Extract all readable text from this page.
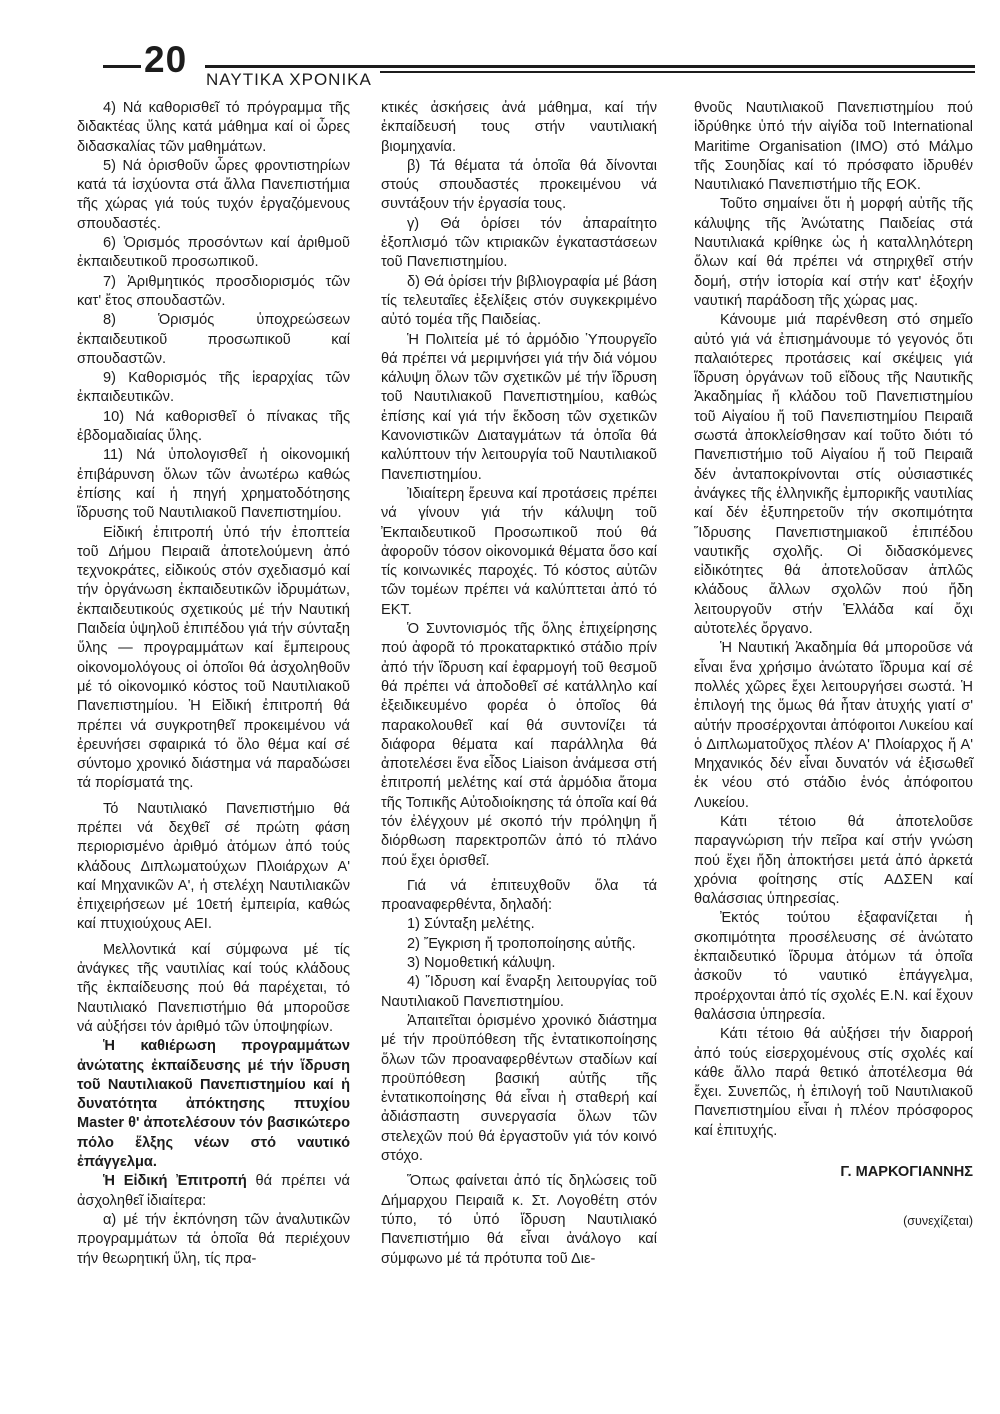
20 ΝΑΥΤΙΚΑ ΧΡΟΝΙΚΑ

4) Νά καθορισθεῖ τό πρόγραμμα τῆς διδακτέας ὕλης κατά μάθημα καί οἱ ὧρες διδασκαλίας τῶν μαθημάτων.

5) Νά ὁρισθοῦν ὧρες φροντιστηρίων κατά τά ἰσχύοντα στά ἄλλα Πανεπιστήμια τῆς χώρας γιά τούς τυχόν ἐργαζόμενους σπουδαστές.

6) Ὁρισμός προσόντων καί ἀριθμοῦ ἐκπαιδευτικοῦ προσωπικοῦ.

7) Ἀριθμητικός προσδιορισμός τῶν κατ' ἔτος σπουδαστῶν.

8) Ὁρισμός ὑποχρεώσεων ἐκπαιδευτικοῦ προσωπικοῦ καί σπουδαστῶν.

9) Καθορισμός τῆς ἱεραρχίας τῶν ἐκπαιδευτικῶν.

10) Νά καθορισθεῖ ὁ πίνακας τῆς ἑβδομαδιαίας ὕλης.

11) Νά ὑπολογισθεῖ ἡ οἰκονομική ἐπιβάρυνση ὅλων τῶν ἀνωτέρω καθώς ἐπίσης καί ἡ πηγή χρηματοδότησης ἵδρυσης τοῦ Ναυτιλιακοῦ Πανεπιστημίου.

Εἰδική ἐπιτροπή ὑπό τήν ἐποπτεία τοῦ Δήμου Πειραιᾶ ἀποτελούμενη ἀπό τεχνοκράτες, εἰδικούς στόν σχεδιασμό καί τήν ὀργάνωση ἐκπαιδευτικῶν ἱδρυμάτων, ἐκπαιδευτικούς σχετικούς μέ τήν Ναυτική Παιδεία ὑψηλοῦ ἐπιπέδου γιά τήν σύνταξη ὕλης — προγραμμάτων καί ἔμπειρους οἰκονομολόγους οἱ ὁποῖοι θά ἀσχοληθοῦν μέ τό οἰκονομικό κόστος τοῦ Ναυτιλιακοῦ Πανεπιστημίου. Ἡ Εἰδική ἐπιτροπή θά πρέπει νά συγκροτηθεῖ προκειμένου νά ἐρευνήσει σφαιρικά τό ὅλο θέμα καί σέ σύντομο χρονικό διάστημα νά παραδώσει τά πορίσματά της.

Τό Ναυτιλιακό Πανεπιστήμιο θά πρέπει νά δεχθεῖ σέ πρώτη φάση περιορισμένο ἀριθμό ἀτόμων ἀπό τούς κλάδους Διπλωματούχων Πλοιάρχων Α' καί Μηχανικῶν Α', ἡ στελέχη Ναυτιλιακῶν ἐπιχειρήσεων μέ 10ετή ἐμπειρία, καθώς καί πτυχιούχους ΑΕΙ.

Μελλοντικά καί σύμφωνα μέ τίς ἀνάγκες τῆς ναυτιλίας καί τούς κλάδους τῆς ἐκπαίδευσης πού θά παρέχεται, τό Ναυτιλιακό Πανεπιστήμιο θά μποροῦσε νά αὐξήσει τόν ἀριθμό τῶν ὑποψηφίων.

Ἡ καθιέρωση προγραμμάτων ἀνώτατης ἐκπαίδευσης μέ τήν ἵδρυση τοῦ Ναυτιλιακοῦ Πανεπιστημίου καί ἡ δυνατότητα ἀπόκτησης πτυχίου Master θ' ἀποτελέσουν τόν βασικώτερο πόλο ἕλξης νέων στό ναυτικό ἐπάγγελμα.

Ἡ Εἰδική Ἐπιτροπή θά πρέπει νά ἀσχοληθεῖ ἰδιαίτερα:

α) μέ τήν ἐκπόνηση τῶν ἀναλυτικῶν προγραμμάτων τά ὁποῖα θά περιέχουν τήν θεωρητική ὕλη, τίς πρα-

κτικές ἀσκήσεις ἀνά μάθημα, καί τήν ἐκπαίδευσή τους στήν ναυτιλιακή βιομηχανία.

β) Τά θέματα τά ὁποῖα θά δίνονται στούς σπουδαστές προκειμένου νά συντάξουν τήν ἐργασία τους.

γ) Θά ὁρίσει τόν ἀπαραίτητο ἐξοπλισμό τῶν κτιριακῶν ἐγκαταστάσεων τοῦ Πανεπιστημίου.

δ) Θά ὁρίσει τήν βιβλιογραφία μέ βάση τίς τελευταῖες ἐξελίξεις στόν συγκεκριμένο αὐτό τομέα τῆς Παιδείας.

Ἡ Πολιτεία μέ τό ἁρμόδιο Ὑπουργεῖο θά πρέπει νά μεριμνήσει γιά τήν διά νόμου κάλυψη ὅλων τῶν σχετικῶν μέ τήν ἵδρυση τοῦ Ναυτιλιακοῦ Πανεπιστημίου, καθώς ἐπίσης καί γιά τήν ἔκδοση τῶν σχετικῶν Κανονιστικῶν Διαταγμάτων τά ὁποῖα θά καλύπτουν τήν λειτουργία τοῦ Ναυτιλιακοῦ Πανεπιστημίου.

Ἰδιαίτερη ἔρευνα καί προτάσεις πρέπει νά γίνουν γιά τήν κάλυψη τοῦ Ἐκπαιδευτικοῦ Προσωπικοῦ πού θά ἀφοροῦν τόσον οἰκονομικά θέματα ὅσο καί τίς κοινωνικές παροχές. Τό κόστος αὐτῶν τῶν τομέων πρέπει νά καλύπτεται ἀπό τό ΕΚΤ.

Ὁ Συντονισμός τῆς ὅλης ἐπιχείρησης πού ἀφορᾶ τό προκαταρκτικό στάδιο πρίν ἀπό τήν ἵδρυση καί ἐφαρμογή τοῦ θεσμοῦ θά πρέπει νά ἀποδοθεῖ σέ κατάλληλο καί ἐξειδικευμένο φορέα ὁ ὁποῖος θά παρακολουθεῖ καί θά συντονίζει τά διάφορα θέματα καί παράλληλα θά ἀποτελέσει ἕνα εἶδος Liaison ἀνάμεσα στή ἐπιτροπή μελέτης καί στά ἁρμόδια ἄτομα τῆς Τοπικῆς Αὐτοδιοίκησης τά ὁποῖα καί θά τόν ἐλέγχουν μέ σκοπό τήν πρόληψη ἤ διόρθωση παρεκτροπῶν ἀπό τό πλάνο πού ἔχει ὁρισθεῖ.

Γιά νά ἐπιτευχθοῦν ὅλα τά προαναφερθέντα, δηλαδή:

1) Σύνταξη μελέτης.

2) Ἔγκριση ἤ τροποποίησης αὐτῆς.

3) Νομοθετική κάλυψη.

4) Ἵδρυση καί ἔναρξη λειτουργίας τοῦ Ναυτιλιακοῦ Πανεπιστημίου.

Ἀπαιτεῖται ὁρισμένο χρονικό διάστημα μέ τήν προϋπόθεση τῆς ἐντατικοποίησης ὅλων τῶν προαναφερθέντων σταδίων καί προϋπόθεση βασική αὐτῆς τῆς ἐντατικοποίησης θά εἶναι ἡ σταθερή καί ἀδιάσπαστη συνεργασία ὅλων τῶν στελεχῶν πού θά ἐργαστοῦν γιά τόν κοινό στόχο.

Ὅπως φαίνεται ἀπό τίς δηλώσεις τοῦ Δήμαρχου Πειραιᾶ κ. Στ. Λογοθέτη στόν τύπο, τό ὑπό ἵδρυση Ναυτιλιακό Πανεπιστήμιο θά εἶναι ἀνάλογο καί σύμφωνο μέ τά πρότυπα τοῦ Διε-

θνοῦς Ναυτιλιακοῦ Πανεπιστημίου πού ἱδρύθηκε ὑπό τήν αἰγίδα τοῦ International Maritime Organisation (IMO) στό Μάλμο τῆς Σουηδίας καί τό πρόσφατο ἱδρυθέν Ναυτιλιακό Πανεπιστήμιο τῆς ΕΟΚ.

Τοῦτο σημαίνει ὅτι ἡ μορφή αὐτῆς τῆς κάλυψης τῆς Ἀνώτατης Παιδείας στά Ναυτιλιακά κρίθηκε ὡς ἡ καταλληλότερη ὅλων καί θά πρέπει νά στηριχθεῖ στήν δομή, στήν ἱστορία καί στήν κατ' ἐξοχήν ναυτική παράδοση τῆς χώρας μας.

Κάνουμε μιά παρένθεση στό σημεῖο αὐτό γιά νά ἐπισημάνουμε τό γεγονός ὅτι παλαιότερες προτάσεις καί σκέψεις γιά ἵδρυση ὀργάνων τοῦ εἴδους τῆς Ναυτικῆς Ἀκαδημίας ἤ κλάδου τοῦ Πανεπιστημίου τοῦ Αἰγαίου ἤ τοῦ Πανεπιστημίου Πειραιᾶ σωστά ἀποκλείσθησαν καί τοῦτο διότι τό Πανεπιστήμιο τοῦ Αἰγαίου ἤ τοῦ Πειραιᾶ δέν ἀνταποκρίνονται στίς οὐσιαστικές ἀνάγκες τῆς ἑλληνικῆς ἐμπορικῆς ναυτιλίας καί δέν ἐξυπηρετοῦν τήν σκοπιμότητα Ἵδρυσης Πανεπιστημιακοῦ ἐπιπέδου ναυτικῆς σχολῆς. Οἱ διδασκόμενες εἰδικότητες θά ἀποτελοῦσαν ἁπλῶς κλάδους ἄλλων σχολῶν πού ἤδη λειτουργοῦν στήν Ἑλλάδα καί ὄχι αὐτοτελές ὄργανο.

Ἡ Ναυτική Ἀκαδημία θά μποροῦσε νά εἶναι ἕνα χρήσιμο ἀνώτατο ἵδρυμα καί σέ πολλές χῶρες ἔχει λειτουργήσει σωστά. Ἡ ἐπιλογή της ὅμως θά ἦταν ἀτυχής γιατί σ' αὐτήν προσέρχονται ἀπόφοιτοι Λυκείου καί ὁ Διπλωματοῦχος πλέον Α' Πλοίαρχος ἤ Α' Μηχανικός δέν εἶναι δυνατόν νά ἐξισωθεῖ ἐκ νέου στό στάδιο ἑνός ἀπόφοιτου Λυκείου.

Κάτι τέτοιο θά ἀποτελοῦσε παραγνώριση τήν πεῖρα καί στήν γνώση πού ἔχει ἤδη ἀποκτήσει μετά ἀπό ἀρκετά χρόνια φοίτησης στίς ΑΔΣΕΝ καί θαλάσσιας ὑπηρεσίας.

Ἐκτός τούτου ἐξαφανίζεται ἡ σκοπιμότητα προσέλευσης σέ ἀνώτατο ἐκπαιδευτικό ἵδρυμα ἀτόμων τά ὁποῖα ἀσκοῦν τό ναυτικό ἐπάγγελμα, προέρχονται ἀπό τίς σχολές Ε.Ν. καί ἔχουν θαλάσσια ὑπηρεσία.

Κάτι τέτοιο θά αὐξήσει τήν διαρροή ἀπό τούς εἰσερχομένους στίς σχολές καί κάθε ἄλλο παρά θετικό ἀποτέλεσμα θά ἔχει. Συνεπῶς, ἡ ἐπιλογή τοῦ Ναυτιλιακοῦ Πανεπιστημίου εἶναι ἡ πλέον πρόσφορος καί ἐπιτυχής.

Γ. ΜΑΡΚΟΓΙΑΝΝΗΣ

(συνεχίζεται)
